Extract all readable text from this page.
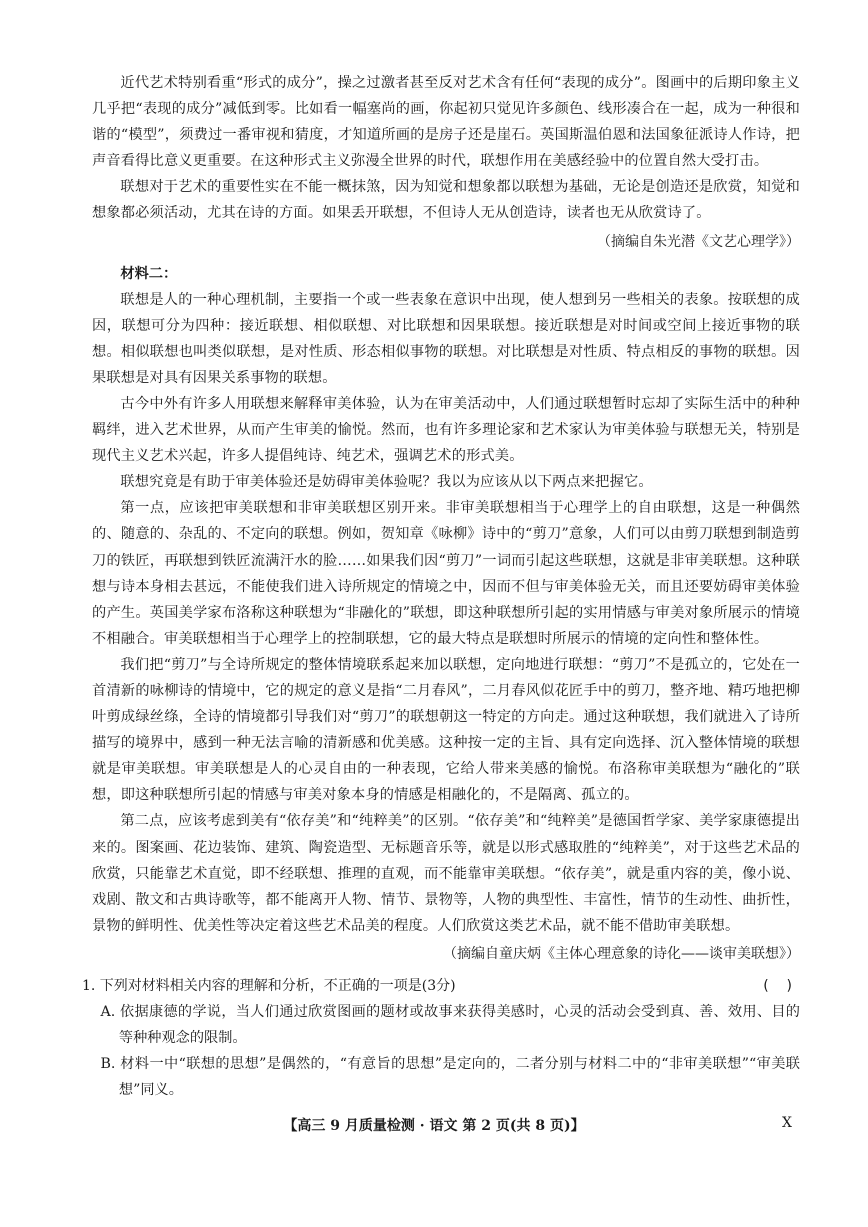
近代艺术特别看重“形式的成分”，操之过激者甚至反对艺术含有任何“表现的成分”。图画中的后期印象主义几乎把“表现的成分”减低到零。比如看一幅塞尚的画，你起初只觉见许多颜色、线形凑合在一起，成为一种很和谐的“模型”，须费过一番审视和猜度，才知道所画的是房子还是崖石。英国斯温伯恩和法国象征派诗人作诗，把声音看得比意义更重要。在这种形式主义弥漫全世界的时代，联想作用在美感经验中的位置自然大受打击。

联想对于艺术的重要性实在不能一概抹煞，因为知觉和想象都以联想为基础，无论是创造还是欣赏，知觉和想象都必须活动，尤其在诗的方面。如果丢开联想，不但诗人无从创造诗，读者也无从欣赏诗了。

（摘编自朱光潜《文艺心理学》）
材料二：

联想是人的一种心理机制，主要指一个或一些表象在意识中出现，使人想到另一些相关的表象。按联想的成因，联想可分为四种：接近联想、相似联想、对比联想和因果联想。接近联想是对时间或空间上接近事物的联想。相似联想也叫类似联想，是对性质、形态相似事物的联想。对比联想是对性质、特点相反的事物的联想。因果联想是对具有因果关系事物的联想。

古今中外有许多人用联想来解释审美体验，认为在审美活动中，人们通过联想暂时忘却了实际生活中的种种羁绊，进入艺术世界，从而产生审美的愉悦。然而，也有许多理论家和艺术家认为审美体验与联想无关，特别是现代主义艺术兴起，许多人提倡纯诗、纯艺术，强调艺术的形式美。

联想究竟是有助于审美体验还是妨碍审美体验呢？我以为应该从以下两点来把握它。

第一点，应该把审美联想和非审美联想区别开来。非审美联想相当于心理学上的自由联想，这是一种偶然的、随意的、杂乱的、不定向的联想。例如，贺知章《咏柳》诗中的“剪刀”意象，人们可以由剪刀联想到制造剪刀的铁匠，再联想到铁匠流满汗水的脸……如果我们因“剪刀”一词而引起这些联想，这就是非审美联想。这种联想与诗本身相去甚远，不能使我们进入诗所规定的情境之中，因而不但与审美体验无关，而且还要妨碍审美体验的产生。英国美学家布洛称这种联想为“非融化的”联想，即这种联想所引起的实用情感与审美对象所展示的情境不相融合。审美联想相当于心理学上的控制联想，它的最大特点是联想时所展示的情境的定向性和整体性。

我们把“剪刀”与全诗所规定的整体情境联系起来加以联想，定向地进行联想：“剪刀”不是孤立的，它处在一首清新的咏柳诗的情境中，它的规定的意义是指“二月春风”，二月春风似花匠手中的剪刀，整齐地、精巧地把柳叶剪成绿丝绦，全诗的情境都引导我们对“剪刀”的联想朝这一特定的方向走。通过这种联想，我们就进入了诗所描写的境界中，感到一种无法言喻的清新感和优美感。这种按一定的主旨、具有定向选择、沉入整体情境的联想就是审美联想。审美联想是人的心灵自由的一种表现，它给人带来美感的愉悦。布洛称审美联想为“融化的”联想，即这种联想所引起的情感与审美对象本身的情感是相融化的，不是隔离、孤立的。

第二点，应该考虑到美有“依存美”和“纯粹美”的区别。“依存美”和“纯粹美”是德国哲学家、美学家康德提出来的。图案画、花边装饰、建筑、陶瓷造型、无标题音乐等，就是以形式感取胜的“纯粹美”，对于这些艺术品的欣赏，只能靠艺术直觉，即不经联想、推理的直观，而不能靠审美联想。“依存美”，就是重内容的美，像小说、戏剧、散文和古典诗歌等，都不能离开人物、情节、景物等，人物的典型性、丰富性，情节的生动性、曲折性，景物的鲜明性、优美性等决定着这些艺术品美的程度。人们欣赏这类艺术品，就不能不借助审美联想。

（摘编自童庆炳《主体心理意象的诗化——谈审美联想》）
1. 下列对材料相关内容的理解和分析，不正确的一项是(3分)	(    )

A. 依据康德的学说，当人们通过欣赏图画的题材或故事来获得美感时，心灵的活动会受到真、善、效用、目的等种种观念的限制。

B. 材料一中“联想的思想”是偶然的，“有意旨的思想”是定向的，二者分别与材料二中的“非审美联想”“审美联想”同义。

【高三 9 月质量检测 · 语文 第 2 页(共 8 页)】	X
